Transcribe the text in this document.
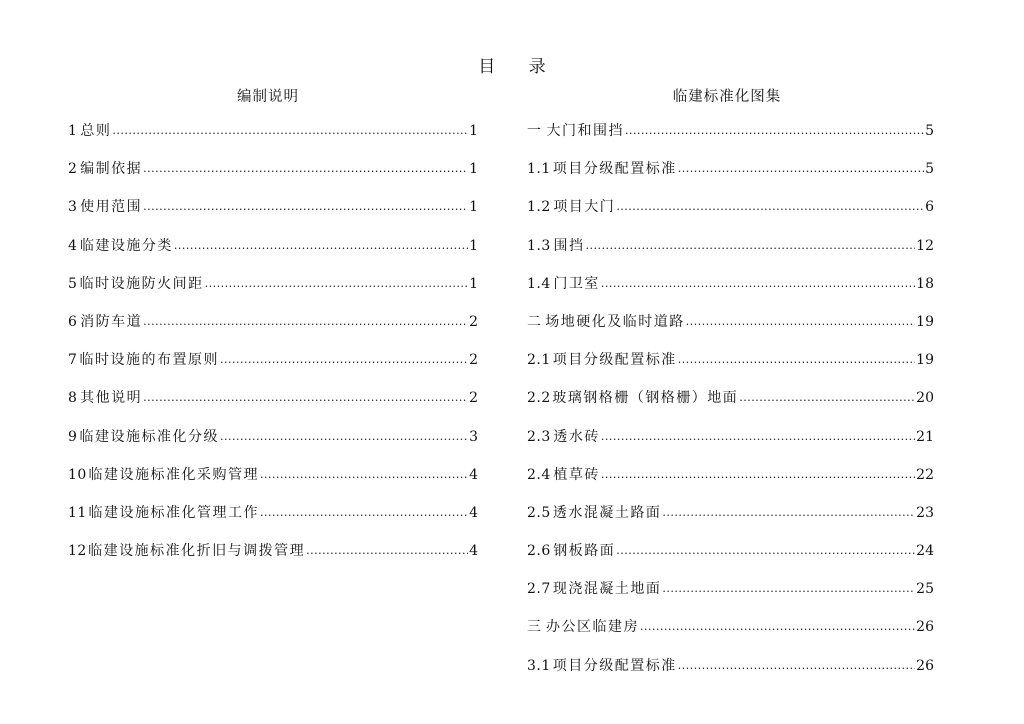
目 录
编制说明
1 总则 .....	1
2 编制依据 .....	1
3 使用范围 .....	1
4 临建设施分类 .....	1
5 临时设施防火间距 .....	1
6 消防车道 .....	2
7 临时设施的布置原则 .....	2
8 其他说明 .....	2
9 临建设施标准化分级 .....	3
10 临建设施标准化采购管理 .....	4
11 临建设施标准化管理工作 .....	4
12 临建设施标准化折旧与调拨管理 .....	4
临建标准化图集
一 大门和围挡 .....	5
1.1 项目分级配置标准 .....	5
1.2 项目大门 .....	6
1.3 围挡 .....	12
1.4 门卫室 .....	18
二 场地硬化及临时道路 .....	19
2.1 项目分级配置标准 .....	19
2.2 玻璃钢格栅（钢格栅）地面 .....	20
2.3 透水砖 .....	21
2.4 植草砖 .....	22
2.5 透水混凝土路面 .....	23
2.6 钢板路面 .....	24
2.7 现浇混凝土地面 .....	25
三 办公区临建房 .....	26
3.1 项目分级配置标准 .....	26
